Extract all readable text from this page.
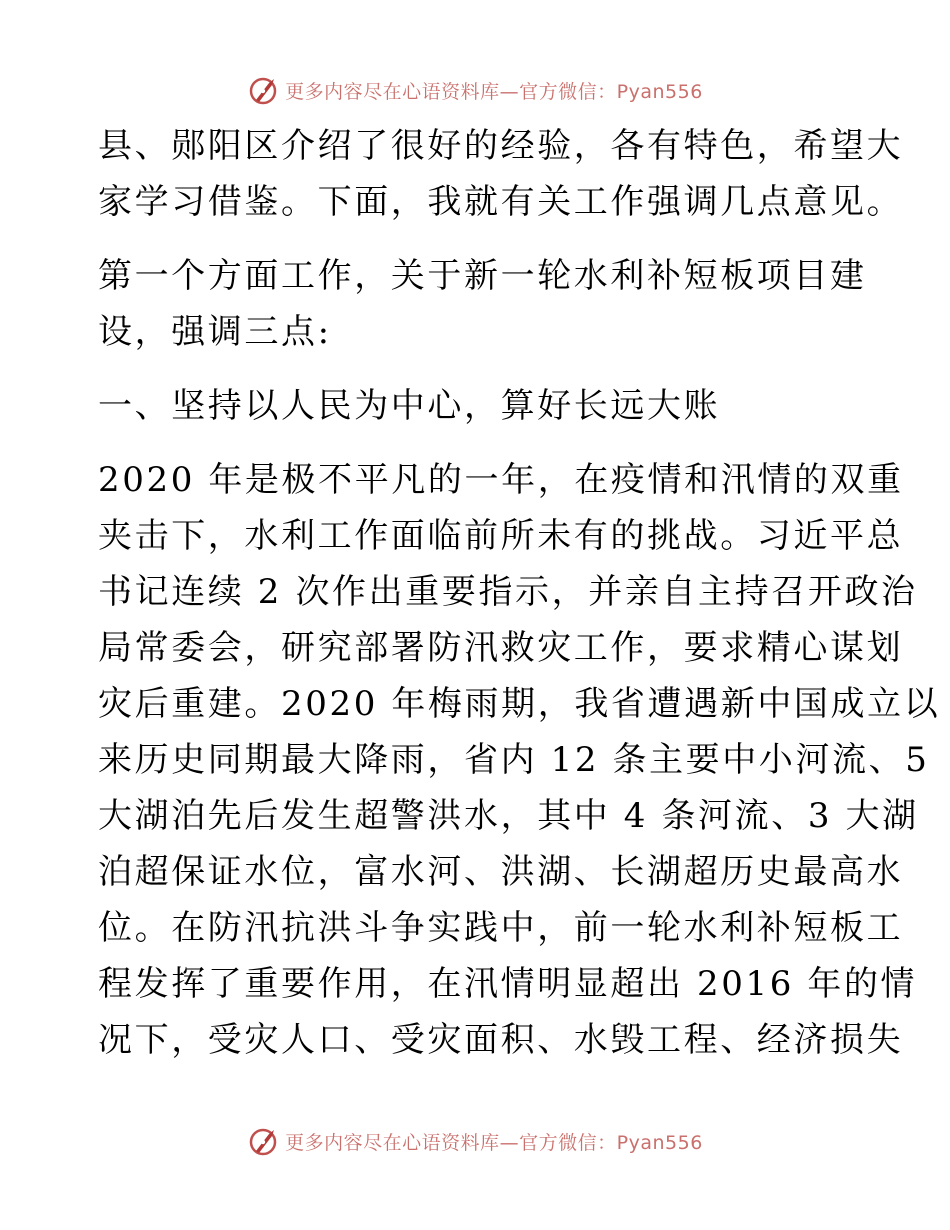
更多内容尽在心语资料库—官方微信：Pyan556

县、郧阳区介绍了很好的经验，各有特色，希望大
家学习借鉴。下面，我就有关工作强调几点意见。

第一个方面工作，关于新一轮水利补短板项目建
设，强调三点:

一、坚持以人民为中心，算好长远大账

2020 年是极不平凡的一年，在疫情和汛情的双重
夹击下，水利工作面临前所未有的挑战。习近平总
书记连续 2 次作出重要指示，并亲自主持召开政治
局常委会，研究部署防汛救灾工作，要求精心谋划
灾后重建。2020 年梅雨期，我省遭遇新中国成立以
来历史同期最大降雨，省内 12 条主要中小河流、5
大湖泊先后发生超警洪水，其中 4 条河流、3 大湖
泊超保证水位，富水河、洪湖、长湖超历史最高水
位。在防汛抗洪斗争实践中，前一轮水利补短板工
程发挥了重要作用，在汛情明显超出 2016 年的情
况下，受灾人口、受灾面积、水毁工程、经济损失

更多内容尽在心语资料库—官方微信：Pyan556
